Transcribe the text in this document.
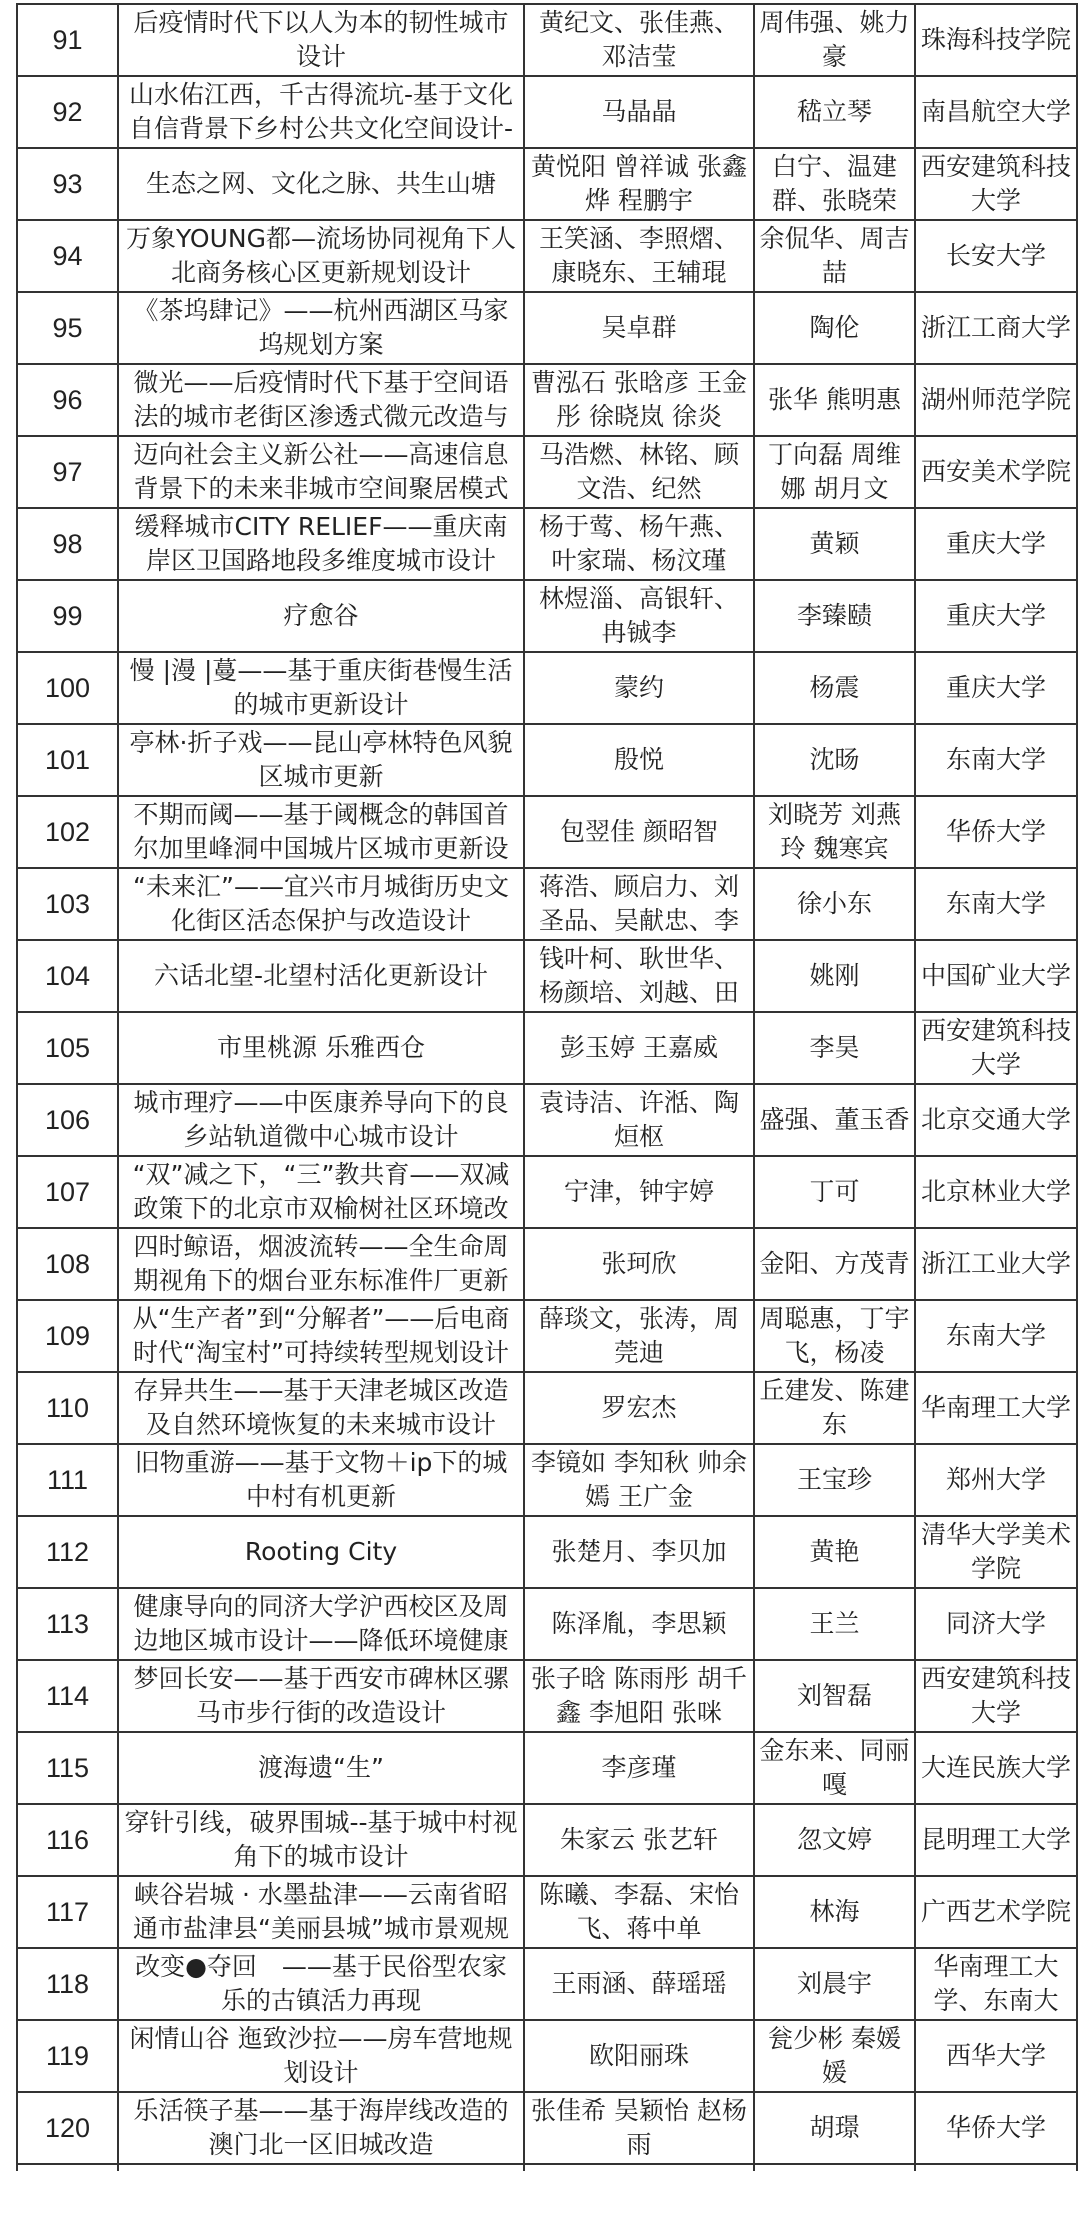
91	后疫情时代下以人为本的韧性城市设计	黄纪文、张佳燕、邓洁莹	周伟强、姚力豪	珠海科技学院

92	山水佑江西，千古得流坑-基于文化自信背景下乡村公共文化空间设计-	马晶晶	嵇立琴	南昌航空大学

93	生态之网、文化之脉、共生山塘	黄悦阳 曾祥诚 张鑫烨 程鹏宇	白宁、温建群、张晓荣	西安建筑科技大学

94	万象YOUNG都—流场协同视角下人北商务核心区更新规划设计	王笑涵、李照熠、康晓东、王辅琨	余侃华、周吉喆	长安大学

95	《茶坞肆记》——杭州西湖区马家坞规划方案	吴卓群	陶伦	浙江工商大学

96	微光——后疫情时代下基于空间语法的城市老街区渗透式微元改造与	曹泓石 张晗彦 王金彤 徐晓岚 徐炎	张华 熊明惠	湖州师范学院

97	迈向社会主义新公社——高速信息背景下的未来非城市空间聚居模式	马浩燃、林铭、顾文浩、纪然	丁向磊 周维娜 胡月文	西安美术学院

98	缓释城市CITY RELIEF——重庆南岸区卫国路地段多维度城市设计	杨于莺、杨午燕、叶家瑞、杨汶瑾	黄颖	重庆大学

99	疗愈谷	林煜淄、高银轩、冉铖李	李臻赜	重庆大学

100	慢 |漫 |蔓——基于重庆街巷慢生活的城市更新设计	蒙约	杨震	重庆大学

101	亭林·折子戏——昆山亭林特色风貌区城市更新	殷悦	沈旸	东南大学

102	不期而阈——基于阈概念的韩国首尔加里峰洞中国城片区城市更新设	包翌佳 颜昭智	刘晓芳 刘燕玲 魏寒宾	华侨大学

103	“未来汇”——宜兴市月城街历史文化街区活态保护与改造设计	蒋浩、顾启力、刘圣品、吴献忠、李	徐小东	东南大学

104	六话北望-北望村活化更新设计	钱叶柯、耿世华、杨颜培、刘越、田	姚刚	中国矿业大学

105	市里桃源 乐雅西仓	彭玉婷 王嘉威	李昊	西安建筑科技大学

106	城市理疗——中医康养导向下的良乡站轨道微中心城市设计	袁诗洁、许湉、陶烜枢	盛强、董玉香	北京交通大学

107	“双”减之下，“三”教共育——双减政策下的北京市双榆树社区环境改	宁津，钟宇婷	丁可	北京林业大学

108	四时鲸语，烟波流转——全生命周期视角下的烟台亚东标准件厂更新	张珂欣	金阳、方茂青	浙江工业大学

109	从“生产者”到“分解者”——后电商时代“淘宝村”可持续转型规划设计	薛琰文，张涛，周莞迪	周聪惠，丁宇飞，杨凌	东南大学

110	存异共生——基于天津老城区改造及自然环境恢复的未来城市设计	罗宏杰	丘建发、陈建东	华南理工大学

111	旧物重游——基于文物＋ip下的城中村有机更新	李镜如 李知秋 帅余嫣 王广金	王宝珍	郑州大学

112	Rooting City	张楚月、李贝加	黄艳	清华大学美术学院

113	健康导向的同济大学沪西校区及周边地区城市设计——降低环境健康	陈泽胤，李思颖	王兰	同济大学

114	梦回长安——基于西安市碑林区骡马市步行街的改造设计	张子晗 陈雨彤 胡千鑫 李旭阳 张咪	刘智磊	西安建筑科技大学

115	渡海遗“生”	李彦瑾	金东来、同丽嘎	大连民族大学

116	穿针引线，破界围城--基于城中村视角下的城市设计	朱家云 张艺轩	忽文婷	昆明理工大学

117	峡谷岩城 · 水墨盐津——云南省昭通市盐津县“美丽县城”城市景观规	陈曦、李磊、宋怡飞、蒋中单	林海	广西艺术学院

118	改变●夺回　——基于民俗型农家乐的古镇活力再现	王雨涵、薛瑶瑶	刘晨宇	华南理工大学、东南大

119	闲情山谷 迤致沙拉——房车营地规划设计	欧阳丽珠	瓮少彬 秦媛媛	西华大学

120	乐活筷子基——基于海岸线改造的澳门北一区旧城改造	张佳希 吴颖怡 赵杨雨	胡璟	华侨大学
